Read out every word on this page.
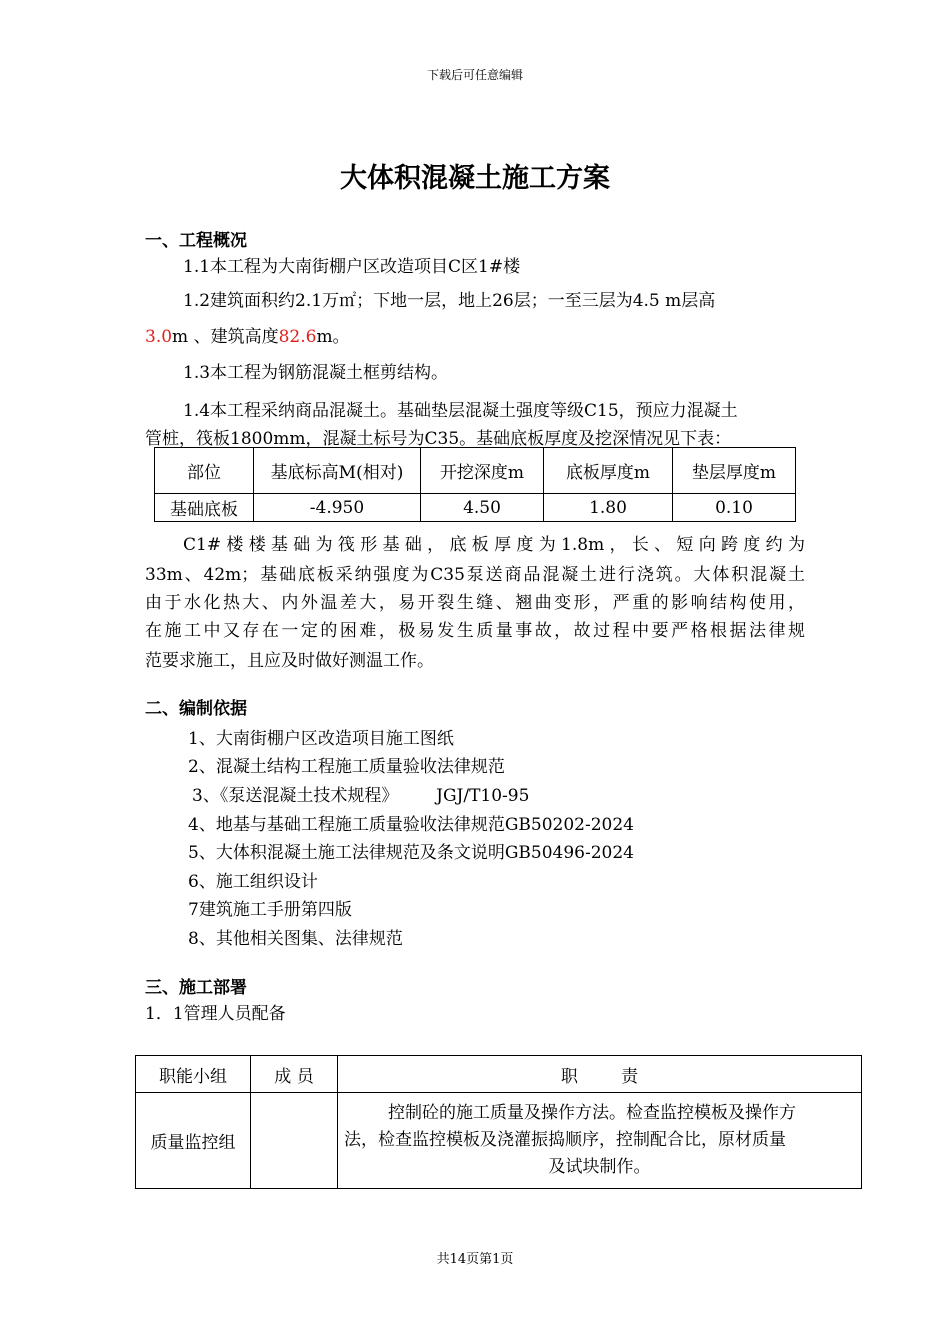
下载后可任意编辑
大体积混凝土施工方案
一、工程概况
1.1本工程为大南街棚户区改造项目C区1#楼
1.2建筑面积约2.1万㎡；下地一层，地上26层；一至三层为4.5 m层高
3.0m 、建筑高度82.6m。
1.3本工程为钢筋混凝土框剪结构。
1.4本工程采纳商品混凝土。基础垫层混凝土强度等级C15，预应力混凝土
管桩，筏板1800mm，混凝土标号为C35。基础底板厚度及挖深情况见下表：
部位	基底标高M(相对)	开挖深度m	底板厚度m	垫层厚度m
基础底板	-4.950	4.50	1.80	0.10
C1#楼楼基础为筏形基础，底板厚度为1.8m，长、短向跨度约为
33m、42m；基础底板采纳强度为C35泵送商品混凝土进行浇筑。大体积混凝土
由于水化热大、内外温差大，易开裂生缝、翘曲变形，严重的影响结构使用，
在施工中又存在一定的困难，极易发生质量事故，故过程中要严格根据法律规
范要求施工，且应及时做好测温工作。
二、编制依据
1、大南街棚户区改造项目施工图纸
2、混凝土结构工程施工质量验收法律规范
3、《泵送混凝土技术规程》       JGJ/T10-95
4、地基与基础工程施工质量验收法律规范GB50202-2024
5、大体积混凝土施工法律规范及条文说明GB50496-2024
6、施工组织设计
7建筑施工手册第四版
8、其他相关图集、法律规范
三、施工部署
1．1管理人员配备
职能小组	成 员	职        责
质量监控组		控制砼的施工质量及操作方法。检查监控模板及操作方
法，检查监控模板及浇灌振捣顺序，控制配合比，原材质量
及试块制作。
共14页第1页
